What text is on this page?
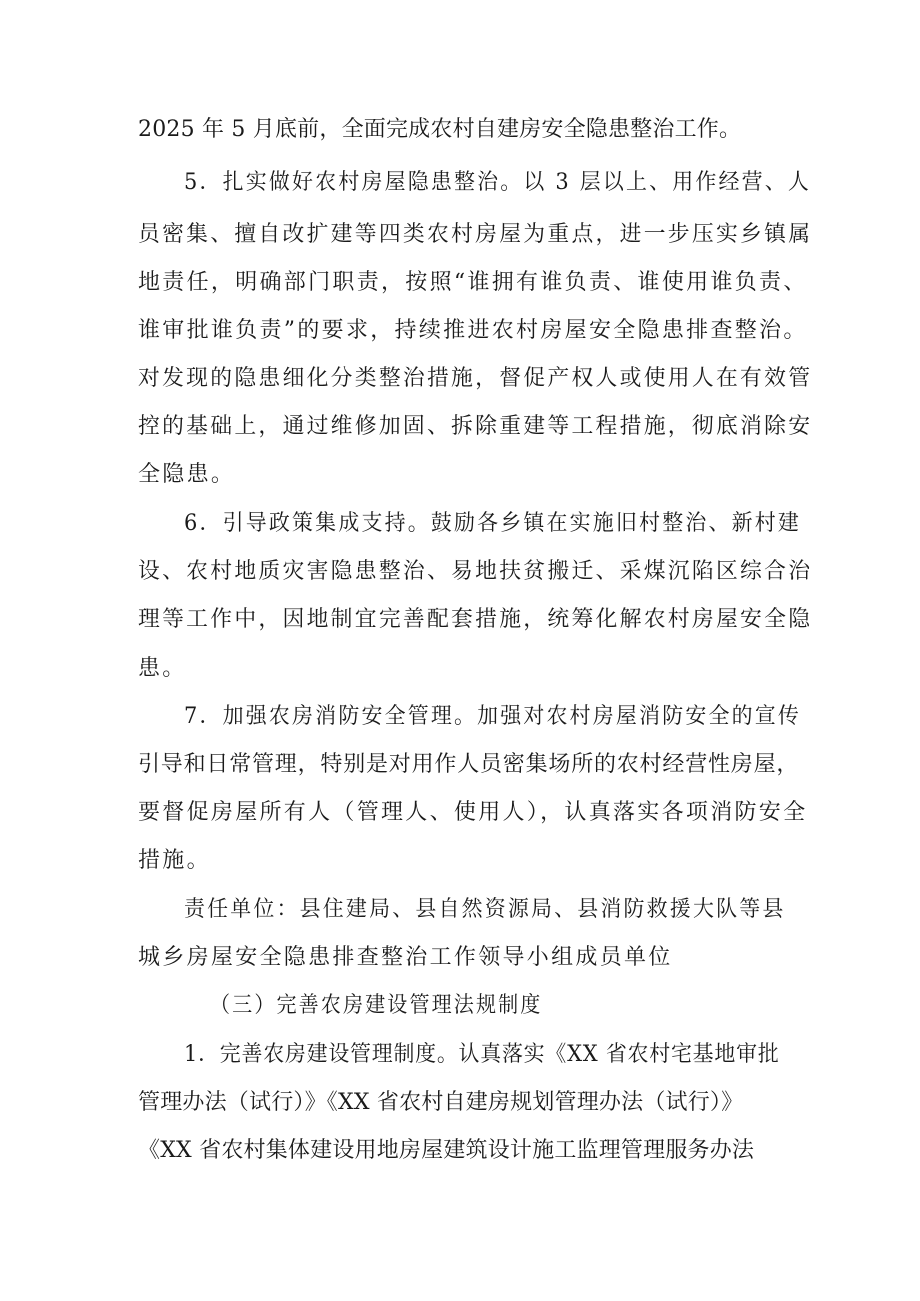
2025 年 5 月底前，全面完成农村自建房安全隐患整治工作。
5．扎实做好农村房屋隐患整治。以 3 层以上、用作经营、人
员密集、擅自改扩建等四类农村房屋为重点，进一步压实乡镇属
地责任，明确部门职责，按照“谁拥有谁负责、谁使用谁负责、
谁审批谁负责”的要求，持续推进农村房屋安全隐患排查整治。
对发现的隐患细化分类整治措施，督促产权人或使用人在有效管
控的基础上，通过维修加固、拆除重建等工程措施，彻底消除安
全隐患。
6．引导政策集成支持。鼓励各乡镇在实施旧村整治、新村建
设、农村地质灾害隐患整治、易地扶贫搬迁、采煤沉陷区综合治
理等工作中，因地制宜完善配套措施，统筹化解农村房屋安全隐
患。
7．加强农房消防安全管理。加强对农村房屋消防安全的宣传
引导和日常管理，特别是对用作人员密集场所的农村经营性房屋，
要督促房屋所有人（管理人、使用人），认真落实各项消防安全
措施。
责任单位：县住建局、县自然资源局、县消防救援大队等县
城乡房屋安全隐患排查整治工作领导小组成员单位
（三）完善农房建设管理法规制度
1．完善农房建设管理制度。认真落实《XX 省农村宅基地审批
管理办法（试行）》《XX 省农村自建房规划管理办法（试行）》
《XX 省农村集体建设用地房屋建筑设计施工监理管理服务办法
